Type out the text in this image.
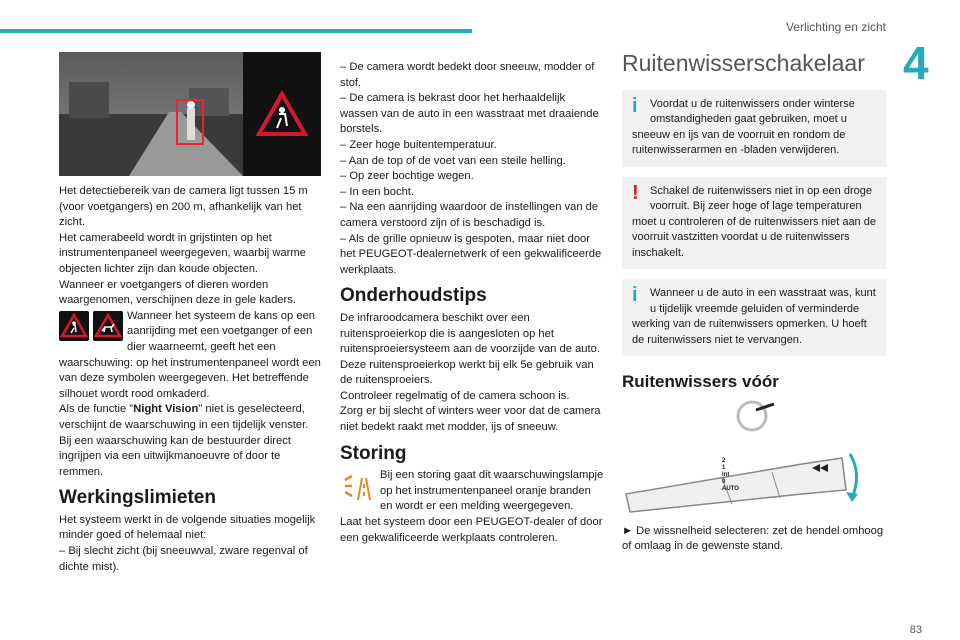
Verlichting en zicht
4
83

Het detectiebereik van de camera ligt tussen 15 m (voor voetgangers) en 200 m, afhankelijk van het zicht.

Het camerabeeld wordt in grijstinten op het instrumentenpaneel weergegeven, waarbij warme objecten lichter zijn dan koude objecten.

Wanneer er voetgangers of dieren worden waargenomen, verschijnen deze in gele kaders.

Wanneer het systeem de kans op een aanrijding met een voetganger of een dier waarneemt, geeft het een waarschuwing: op het instrumentenpaneel wordt een van deze symbolen weergegeven. Het betreffende silhouet wordt rood omkaderd.

Als de functie "Night Vision" niet is geselecteerd, verschijnt de waarschuwing in een tijdelijk venster.

Bij een waarschuwing kan de bestuurder direct ingrijpen via een uitwijkmanoeuvre of door te remmen.

Werkingslimieten

Het systeem werkt in de volgende situaties mogelijk minder goed of helemaal niet:

– Bij slecht zicht (bij sneeuwval, zware regenval of dichte mist).

– De camera wordt bedekt door sneeuw, modder of stof.

– De camera is bekrast door het herhaaldelijk wassen van de auto in een wasstraat met draaiende borstels.

– Zeer hoge buitentemperatuur.

– Aan de top of de voet van een steile helling.

– Op zeer bochtige wegen.

– In een bocht.

– Na een aanrijding waardoor de instellingen van de camera verstoord zijn of is beschadigd is.

– Als de grille opnieuw is gespoten, maar niet door het PEUGEOT-dealernetwerk of een gekwalificeerde werkplaats.

Onderhoudstips

De infraroodcamera beschikt over een ruitensproeierkop die is aangesloten op het ruitensproeiersysteem aan de voorzijde van de auto.

Deze ruitensproeierkop werkt bij elk 5e gebruik van de ruitensproeiers.

Controleer regelmatig of de camera schoon is.

Zorg er bij slecht of winters weer voor dat de camera niet bedekt raakt met modder, ijs of sneeuw.

Storing
Bij een storing gaat dit waarschuwingslampje op het instrumentenpaneel oranje branden en wordt er een melding weergegeven.

Laat het systeem door een PEUGEOT-dealer of door een gekwalificeerde werkplaats controleren.

Ruitenwisserschakelaar
i	Voordat u de ruitenwissers onder winterse omstandigheden gaat gebruiken, moet u sneeuw en ijs van de voorruit en rondom de ruitenwisserarmen en -bladen verwijderen.
!	Schakel de ruitenwissers niet in op een droge voorruit. Bij zeer hoge of lage temperaturen moet u controleren of de ruitenwissers niet aan de voorruit vastzitten voordat u de ruitenwissers inschakelt.
i	Wanneer u de auto in een wasstraat was, kunt u tijdelijk vreemde geluiden of verminderde werking van de ruitenwissers opmerken. U hoeft de ruitenwissers niet te vervangen.
Ruitenwissers vóór
2
1
Int
0
AUTO

► De wissnelheid selecteren: zet de hendel omhoog of omlaag in de gewenste stand.
